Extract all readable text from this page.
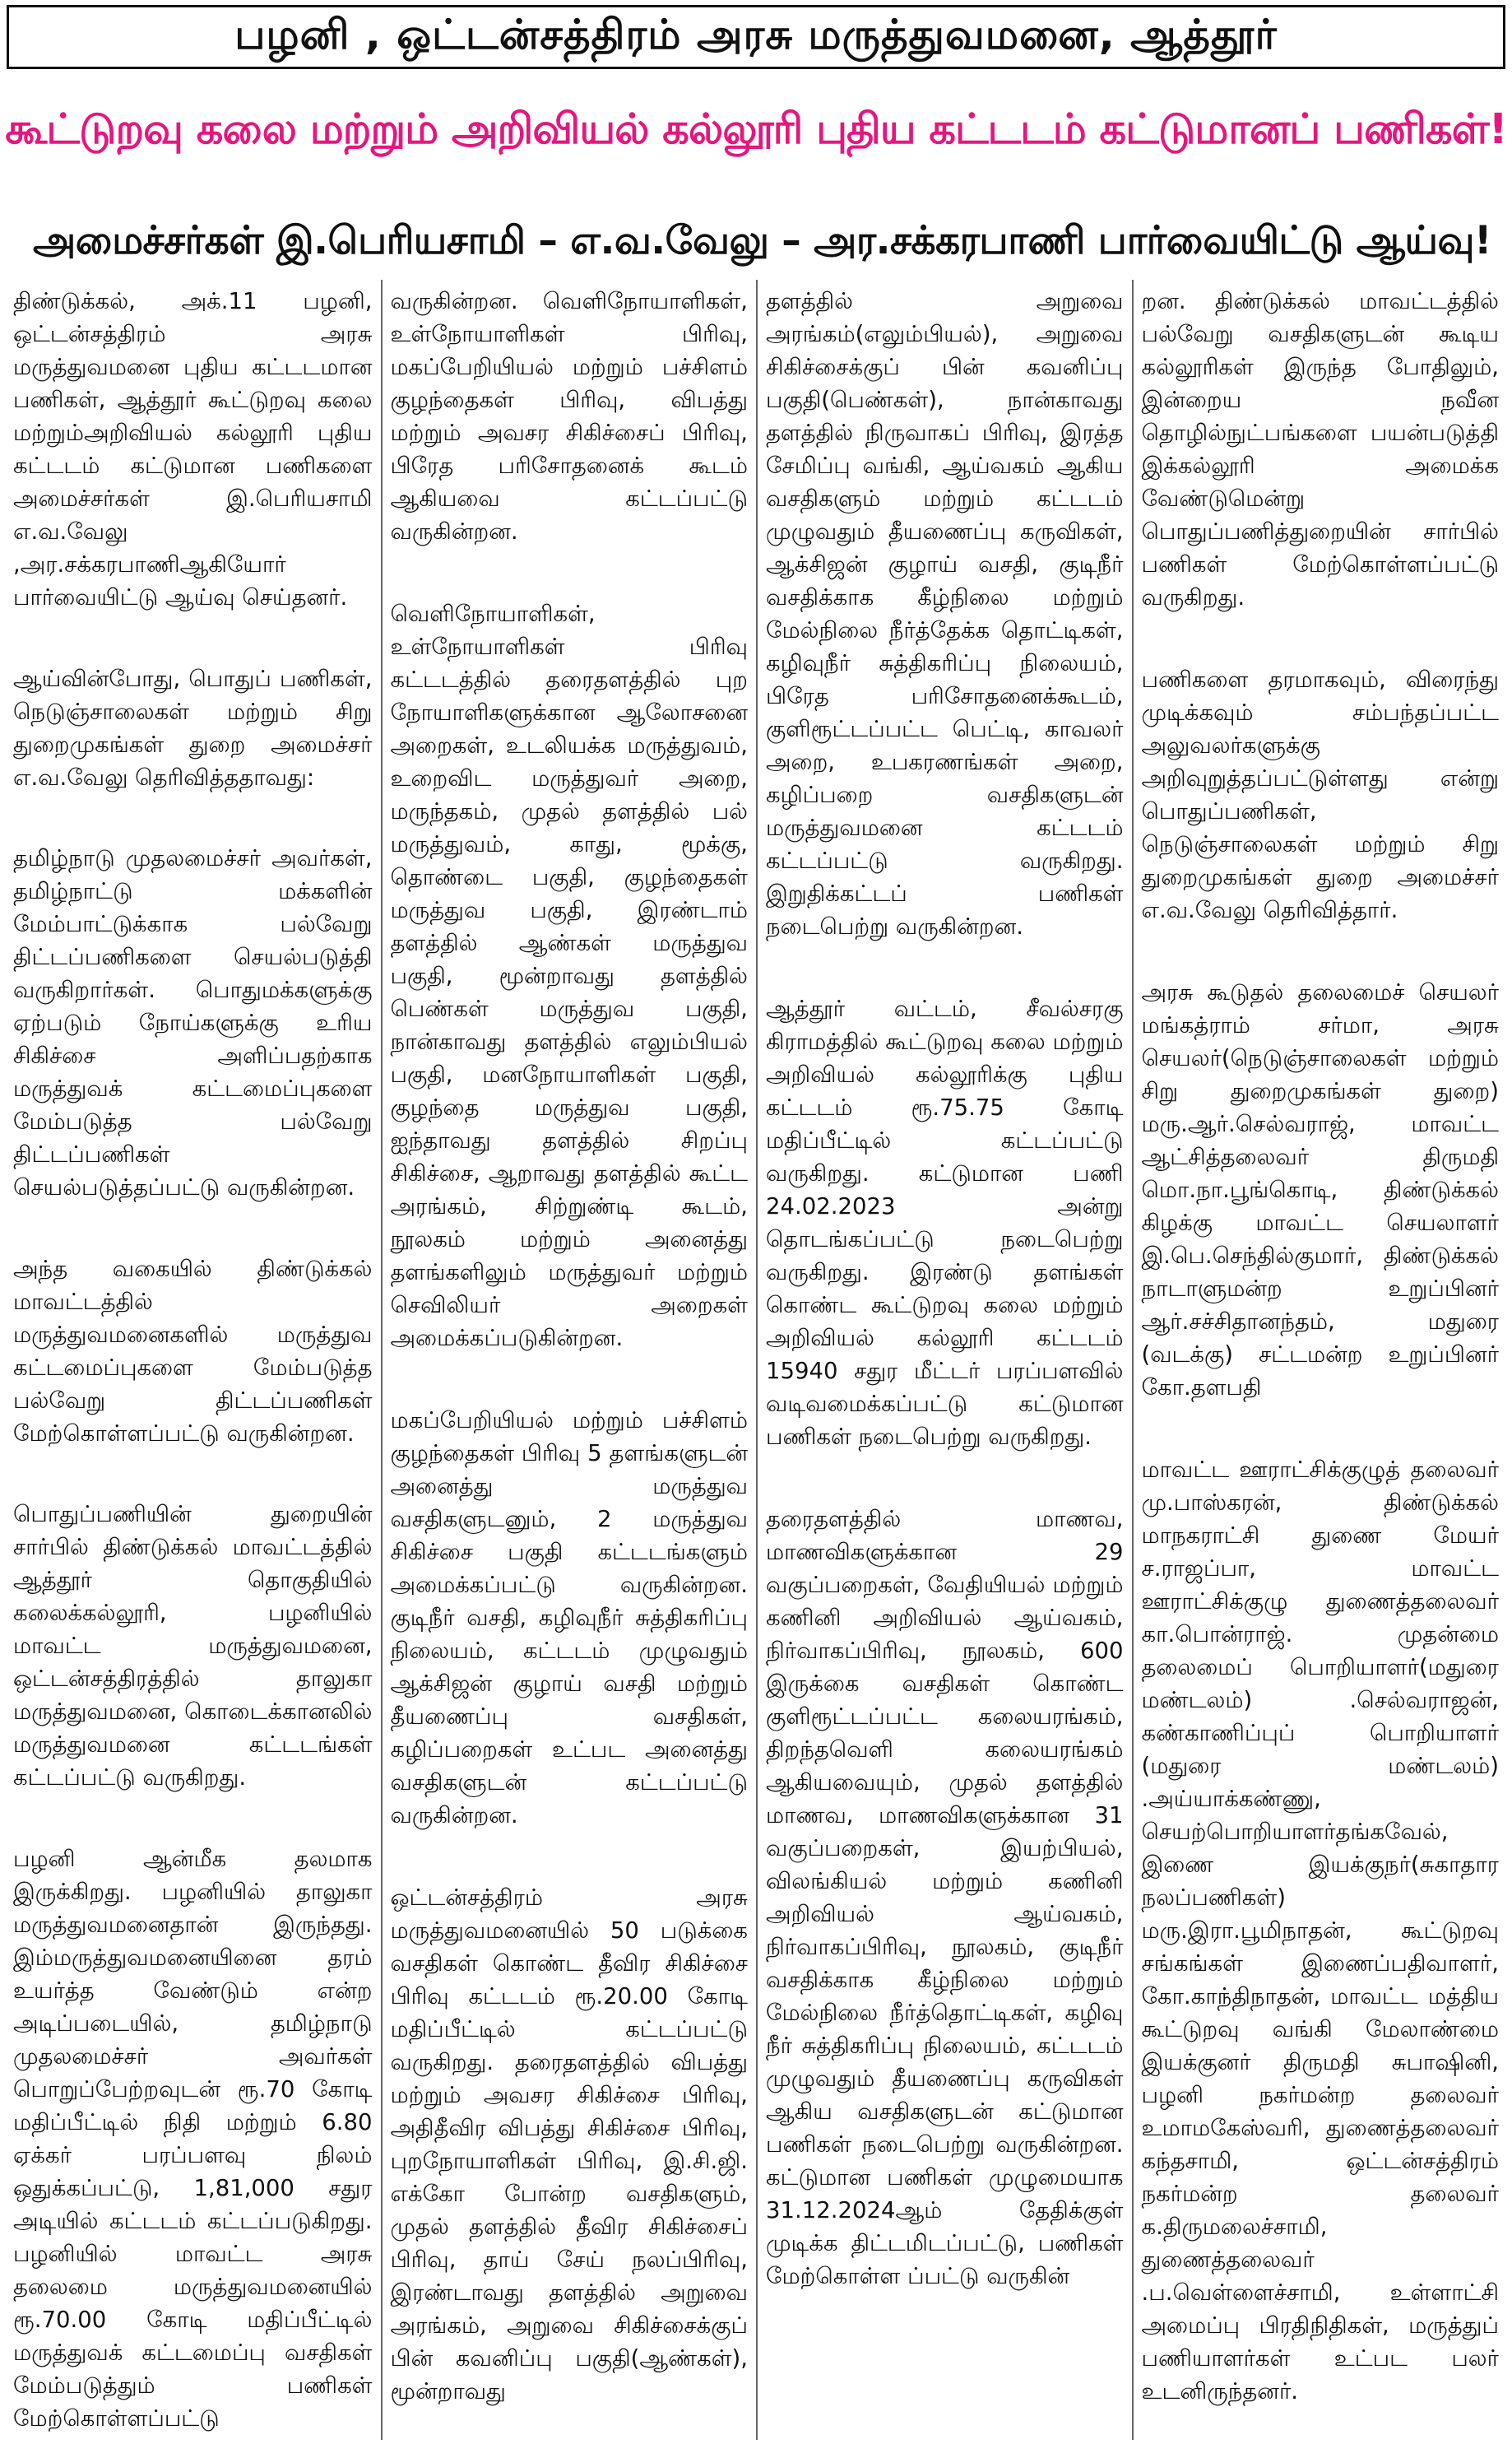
பழனி , ஒட்டன்சத்திரம் அரசு மருத்துவமனை, ஆத்தூர்
கூட்டுறவு கலை மற்றும் அறிவியல் கல்லூரி புதிய கட்டடம் கட்டுமானப் பணிகள்!
அமைச்சர்கள் இ.பெரியசாமி – எ.வ.வேலு – அர.சக்கரபாணி பார்வையிட்டு ஆய்வு!

திண்டுக்கல், அக்.11 பழனி, ஒட்டன்சத்திரம் அரசு மருத்துவமனை புதிய கட்டடமான பணிகள், ஆத்தூர் கூட்டுறவு கலை மற்றும்அறிவியல் கல்லூரி புதிய கட்டடம் கட்டுமான பணிகளை அமைச்சர்கள் இ.பெரியசாமி எ.வ.வேலு ,அர.சக்கரபாணிஆகியோர் பார்வையிட்டு ஆய்வு செய்தனர்.

ஆய்வின்போது, பொதுப் பணிகள், நெடுஞ்சாலைகள் மற்றும் சிறு துறைமுகங்கள் துறை அமைச்சர் எ.வ.வேலு தெரிவித்ததாவது:

தமிழ்நாடு முதலமைச்சர் அவர்கள், தமிழ்நாட்டு மக்களின் மேம்பாட்டுக்காக பல்வேறு திட்டப்பணிகளை செயல்படுத்தி வருகிறார்கள். பொதுமக்களுக்கு ஏற்படும் நோய்களுக்கு உரிய சிகிச்சை அளிப்பதற்காக மருத்துவக் கட்டமைப்புகளை மேம்படுத்த பல்வேறு திட்டப்பணிகள் செயல்படுத்தப்பட்டு வருகின்றன.

அந்த வகையில் திண்டுக்கல் மாவட்டத்தில் மருத்துவமனைகளில் மருத்துவ கட்டமைப்புகளை மேம்படுத்த பல்வேறு திட்டப்பணிகள் மேற்கொள்ளப்பட்டு வருகின்றன.

பொதுப்பணியின் துறையின் சார்பில் திண்டுக்கல் மாவட்டத்தில் ஆத்தூர் தொகுதியில் கலைக்கல்லூரி, பழனியில் மாவட்ட மருத்துவமனை, ஒட்டன்சத்திரத்தில் தாலுகா மருத்துவமனை, கொடைக்கானலில் மருத்துவமனை கட்டடங்கள் கட்டப்பட்டு வருகிறது.

பழனி ஆன்மீக தலமாக இருக்கிறது. பழனியில் தாலுகா மருத்துவமனைதான் இருந்தது. இம்மருத்துவமனையினை தரம் உயர்த்த வேண்டும் என்ற அடிப்படையில், தமிழ்நாடு முதலமைச்சர் அவர்கள் பொறுப்பேற்றவுடன் ரூ.70 கோடி மதிப்பீட்டில் நிதி மற்றும் 6.80 ஏக்கர் பரப்பளவு நிலம் ஒதுக்கப்பட்டு, 1,81,000 சதுர அடியில் கட்டடம் கட்டப்படுகிறது. பழனியில் மாவட்ட அரசு தலைமை மருத்துவமனையில் ரூ.70.00 கோடி மதிப்பீட்டில் மருத்துவக் கட்டமைப்பு வசதிகள் மேம்படுத்தும் பணிகள் மேற்கொள்ளப்பட்டு

வருகின்றன. வெளிநோயாளிகள், உள்நோயாளிகள் பிரிவு, மகப்பேறியியல் மற்றும் பச்சிளம் குழந்தைகள் பிரிவு, விபத்து மற்றும் அவசர சிகிச்சைப் பிரிவு, பிரேத பரிசோதனைக் கூடம் ஆகியவை கட்டப்பட்டு வருகின்றன.

வெளிநோயாளிகள், உள்நோயாளிகள் பிரிவு கட்டடத்தில் தரைதளத்தில் புற நோயாளிகளுக்கான ஆலோசனை அறைகள், உடலியக்க மருத்துவம், உறைவிட மருத்துவர் அறை, மருந்தகம், முதல் தளத்தில் பல் மருத்துவம், காது, மூக்கு, தொண்டை பகுதி, குழந்தைகள் மருத்துவ பகுதி, இரண்டாம் தளத்தில் ஆண்கள் மருத்துவ பகுதி, மூன்றாவது தளத்தில் பெண்கள் மருத்துவ பகுதி, நான்காவது தளத்தில் எலும்பியல் பகுதி, மனநோயாளிகள் பகுதி, குழந்தை மருத்துவ பகுதி, ஐந்தாவது தளத்தில் சிறப்பு சிகிச்சை, ஆறாவது தளத்தில் கூட்ட அரங்கம், சிற்றுண்டி கூடம், நூலகம் மற்றும் அனைத்து தளங்களிலும் மருத்துவர் மற்றும் செவிலியர் அறைகள் அமைக்கப்படுகின்றன.

மகப்பேறியியல் மற்றும் பச்சிளம் குழந்தைகள் பிரிவு 5 தளங்களுடன் அனைத்து மருத்துவ வசதிகளுடனும், 2 மருத்துவ சிகிச்சை பகுதி கட்டடங்களும் அமைக்கப்பட்டு வருகின்றன. குடிநீர் வசதி, கழிவுநீர் சுத்திகரிப்பு நிலையம், கட்டடம் முழுவதும் ஆக்சிஜன் குழாய் வசதி மற்றும் தீயணைப்பு வசதிகள், கழிப்பறைகள் உட்பட அனைத்து வசதிகளுடன் கட்டப்பட்டு வருகின்றன.

ஒட்டன்சத்திரம் அரசு மருத்துவமனையில் 50 படுக்கை வசதிகள் கொண்ட தீவிர சிகிச்சை பிரிவு கட்டடம் ரூ.20.00 கோடி மதிப்பீட்டில் கட்டப்பட்டு வருகிறது. தரைதளத்தில் விபத்து மற்றும் அவசர சிகிச்சை பிரிவு, அதிதீவிர விபத்து சிகிச்சை பிரிவு, புறநோயாளிகள் பிரிவு, இ.சி.ஜி. எக்கோ போன்ற வசதிகளும், முதல் தளத்தில் தீவிர சிகிச்சைப் பிரிவு, தாய் சேய் நலப்பிரிவு, இரண்டாவது தளத்தில் அறுவை அரங்கம், அறுவை சிகிச்சைக்குப் பின் கவனிப்பு பகுதி(ஆண்கள்), மூன்றாவது

தளத்தில் அறுவை அரங்கம்(எலும்பியல்), அறுவை சிகிச்சைக்குப் பின் கவனிப்பு பகுதி(பெண்கள்), நான்காவது தளத்தில் நிருவாகப் பிரிவு, இரத்த சேமிப்பு வங்கி, ஆய்வகம் ஆகிய வசதிகளும் மற்றும் கட்டடம் முழுவதும் தீயணைப்பு கருவிகள், ஆக்சிஜன் குழாய் வசதி, குடிநீர் வசதிக்காக கீழ்நிலை மற்றும் மேல்நிலை நீர்த்தேக்க தொட்டிகள், கழிவுநீர் சுத்திகரிப்பு நிலையம், பிரேத பரிசோதனைக்கூடம், குளிரூட்டப்பட்ட பெட்டி, காவலர் அறை, உபகரணங்கள் அறை, கழிப்பறை வசதிகளுடன் மருத்துவமனை கட்டடம் கட்டப்பட்டு வருகிறது. இறுதிக்கட்டப் பணிகள் நடைபெற்று வருகின்றன.

ஆத்தூர் வட்டம், சீவல்சரகு கிராமத்தில் கூட்டுறவு கலை மற்றும் அறிவியல் கல்லூரிக்கு புதிய கட்டடம் ரூ.75.75 கோடி மதிப்பீட்டில் கட்டப்பட்டு வருகிறது. கட்டுமான பணி 24.02.2023 அன்று தொடங்கப்பட்டு நடைபெற்று வருகிறது. இரண்டு தளங்கள் கொண்ட கூட்டுறவு கலை மற்றும் அறிவியல் கல்லூரி கட்டடம் 15940 சதுர மீட்டர் பரப்பளவில் வடிவமைக்கப்பட்டு கட்டுமான பணிகள் நடைபெற்று வருகிறது.

தரைதளத்தில் மாணவ, மாணவிகளுக்கான 29 வகுப்பறைகள், வேதியியல் மற்றும் கணினி அறிவியல் ஆய்வகம், நிர்வாகப்பிரிவு, நூலகம், 600 இருக்கை வசதிகள் கொண்ட குளிரூட்டப்பட்ட கலையரங்கம், திறந்தவெளி கலையரங்கம் ஆகியவையும், முதல் தளத்தில் மாணவ, மாணவிகளுக்கான 31 வகுப்பறைகள், இயற்பியல், விலங்கியல் மற்றும் கணினி அறிவியல் ஆய்வகம், நிர்வாகப்பிரிவு, நூலகம், குடிநீர் வசதிக்காக கீழ்நிலை மற்றும் மேல்நிலை நீர்த்தொட்டிகள், கழிவு நீர் சுத்திகரிப்பு நிலையம், கட்டடம் முழுவதும் தீயணைப்பு கருவிகள் ஆகிய வசதிகளுடன் கட்டுமான பணிகள் நடைபெற்று வருகின்றன. கட்டுமான பணிகள் முழுமையாக 31.12.2024ஆம் தேதிக்குள் முடிக்க திட்டமிடப்பட்டு, பணிகள் மேற்கொள்ள ப்பட்டு வருகின்

றன. திண்டுக்கல் மாவட்டத்தில் பல்வேறு வசதிகளுடன் கூடிய கல்லூரிகள் இருந்த போதிலும், இன்றைய நவீன தொழில்நுட்பங்களை பயன்படுத்தி இக்கல்லூரி அமைக்க வேண்டுமென்று பொதுப்பணித்துறையின் சார்பில் பணிகள் மேற்கொள்ளப்பட்டு வருகிறது.

பணிகளை தரமாகவும், விரைந்து முடிக்கவும் சம்பந்தப்பட்ட அலுவலர்களுக்கு அறிவுறுத்தப்பட்டுள்ளது என்று பொதுப்பணிகள், நெடுஞ்சாலைகள் மற்றும் சிறு துறைமுகங்கள் துறை அமைச்சர் எ.வ.வேலு தெரிவித்தார்.

அரசு கூடுதல் தலைமைச் செயலர் மங்கத்ராம் சர்மா, அரசு செயலர்(நெடுஞ்சாலைகள் மற்றும் சிறு துறைமுகங்கள் துறை) மரு.ஆர்.செல்வராஜ், மாவட்ட ஆட்சித்தலைவர் திருமதி மொ.நா.பூங்கொடி, திண்டுக்கல் கிழக்கு மாவட்ட செயலாளர் இ.பெ.செந்தில்குமார், திண்டுக்கல் நாடாளுமன்ற உறுப்பினர் ஆர்.சச்சிதானந்தம், மதுரை (வடக்கு) சட்டமன்ற உறுப்பினர் கோ.தளபதி

மாவட்ட ஊராட்சிக்குழுத் தலைவர் மு.பாஸ்கரன், திண்டுக்கல் மாநகராட்சி துணை மேயர் ச.ராஜப்பா, மாவட்ட ஊராட்சிக்குழு துணைத்தலைவர் கா.பொன்ராஜ். முதன்மை தலைமைப் பொறியாளர்(மதுரை மண்டலம்) .செல்வராஜன், கண்காணிப்புப் பொறியாளர் (மதுரை மண்டலம்) .அய்யாக்கண்ணு, செயற்பொறியாளர்தங்கவேல், இணை இயக்குநர்(சுகாதார நலப்பணிகள்) மரு.இரா.பூமிநாதன், கூட்டுறவு சங்கங்கள் இணைப்பதிவாளர், கோ.காந்திநாதன், மாவட்ட மத்திய கூட்டுறவு வங்கி மேலாண்மை இயக்குனர் திருமதி சுபாஷினி, பழனி நகர்மன்ற தலைவர் உமாமகேஸ்வரி, துணைத்தலைவர் கந்தசாமி, ஒட்டன்சத்திரம் நகர்மன்ற தலைவர் க.திருமலைச்சாமி, துணைத்தலைவர் .ப.வெள்ளைச்சாமி, உள்ளாட்சி அமைப்பு பிரதிநிதிகள், மருத்துப் பணியாளர்கள் உட்பட பலர் உடனிருந்தனர்.
